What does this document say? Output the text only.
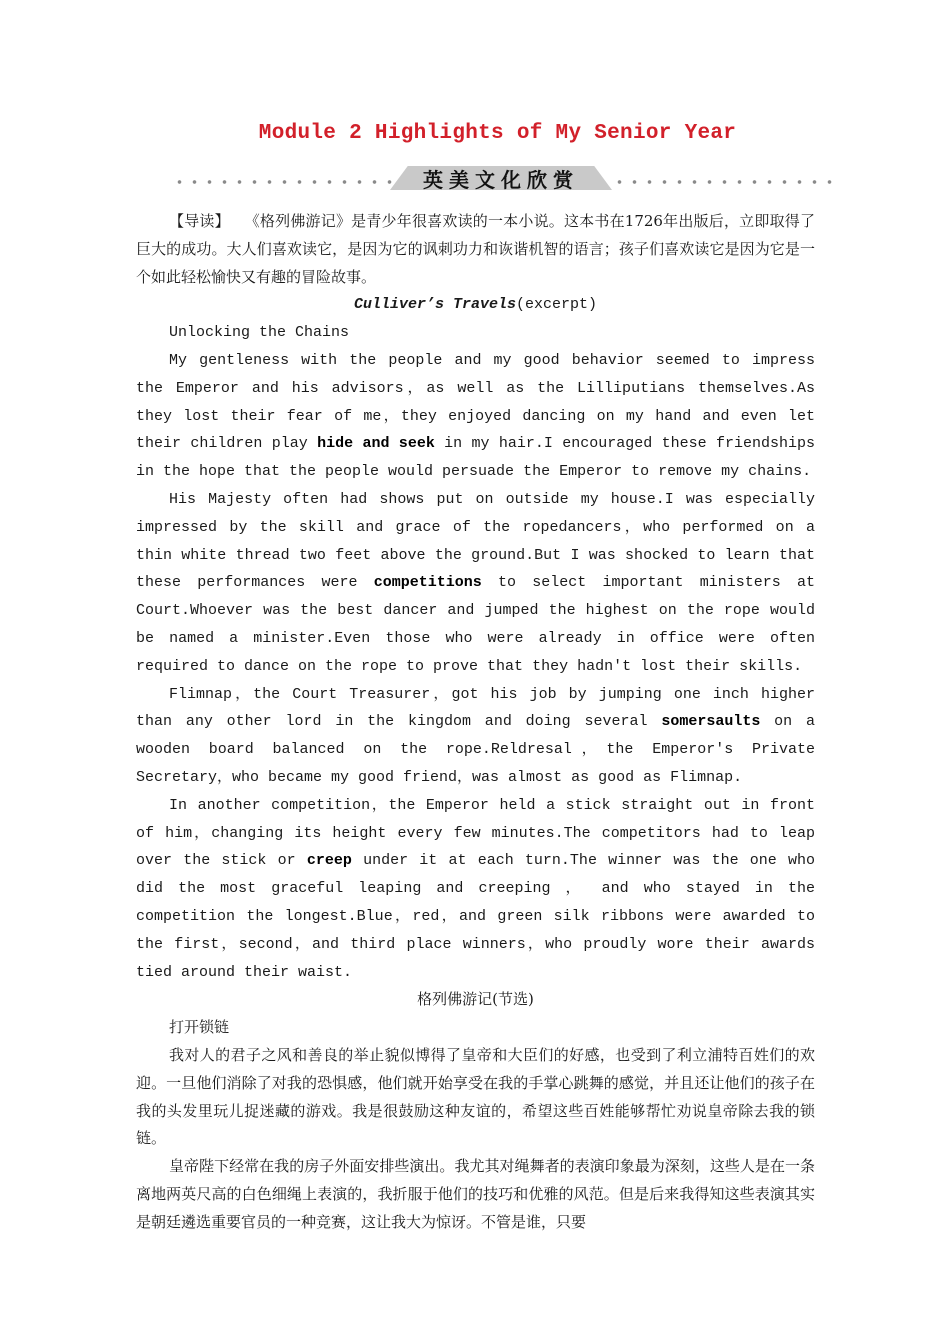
Module 2 Highlights of My Senior Year
英美文化欣赏

【导读】 《格列佛游记》是青少年很喜欢读的一本小说。这本书在1726年出版后，立即取得了巨大的成功。大人们喜欢读它，是因为它的讽刺功力和诙谐机智的语言；孩子们喜欢读它是因为它是一个如此轻松愉快又有趣的冒险故事。

Culliver’s Travels(excerpt)

Unlocking the Chains

My gentleness with the people and my good behavior seemed to impress the Emperor and his advisors，as well as the Lilliputians themselves.As they lost their fear of me，they enjoyed dancing on my hand and even let their children play hide and seek in my hair.I encouraged these friendships in the hope that the people would persuade the Emperor to remove my chains.

His Majesty often had shows put on outside my house.I was especially impressed by the skill and grace of the ropedancers，who performed on a thin white thread two feet above the ground.But I was shocked to learn that these performances were competitions to select important ministers at Court.Whoever was the best dancer and jumped the highest on the rope would be named a minister.Even those who were already in office were often required to dance on the rope to prove that they hadn't lost their skills.

Flimnap，the Court Treasurer，got his job by jumping one inch higher than any other lord in the kingdom and doing several somersaults on a wooden board balanced on the rope.Reldresal，the Emperor's Private Secretary，who became my good friend，was almost as good as Flimnap.

In another competition，the Emperor held a stick straight out in front of him，changing its height every few minutes.The competitors had to leap over the stick or creep under it at each turn.The winner was the one who did the most graceful leaping and creeping ， and who stayed in the competition the longest.Blue，red，and green silk ribbons were awarded to the first，second，and third place winners，who proudly wore their awards tied around their waist.

格列佛游记(节选)

打开锁链

我对人的君子之风和善良的举止貌似博得了皇帝和大臣们的好感，也受到了利立浦特百姓们的欢迎。一旦他们消除了对我的恐惧感，他们就开始享受在我的手掌心跳舞的感觉，并且还让他们的孩子在我的头发里玩儿捉迷藏的游戏。我是很鼓励这种友谊的，希望这些百姓能够帮忙劝说皇帝除去我的锁链。

皇帝陛下经常在我的房子外面安排些演出。我尤其对绳舞者的表演印象最为深刻，这些人是在一条离地两英尺高的白色细绳上表演的，我折服于他们的技巧和优雅的风范。但是后来我得知这些表演其实是朝廷遴选重要官员的一种竞赛，这让我大为惊讶。不管是谁，只要
